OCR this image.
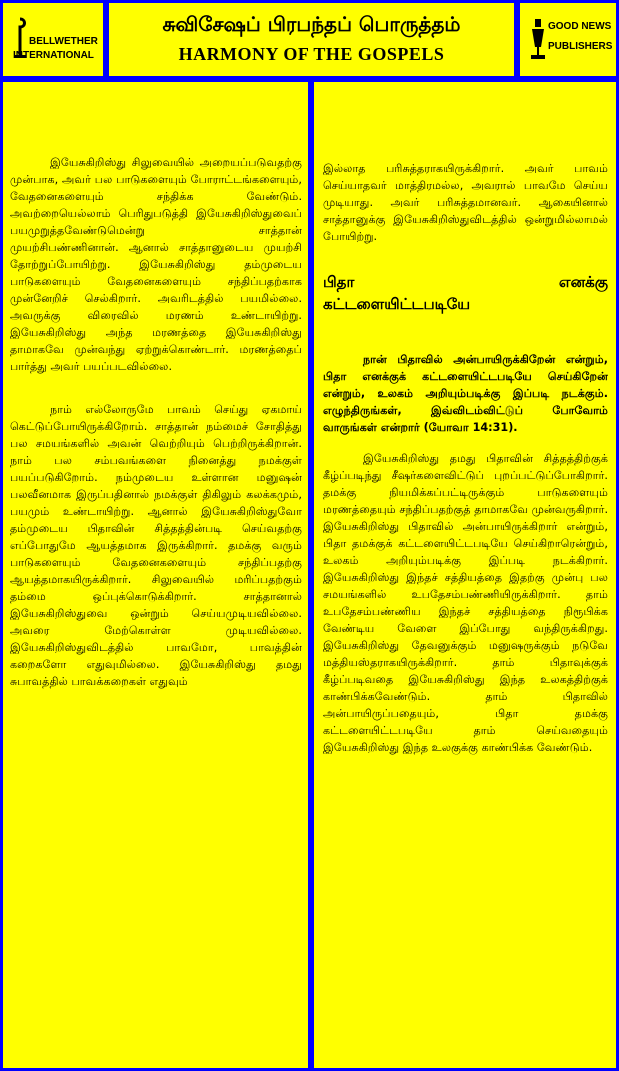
BELLWETHER
INTERNATIONAL
சுவிசேஷப் பிரபந்தப் பொருத்தம்
HARMONY OF THE GOSPELS
GOOD NEWS
PUBLISHERS

இயேசுகிறிஸ்து சிலுவையில் அறையப்படுவதற்கு முன்பாக, அவர் பல பாடுகளையும் போராட்டங்களையும், வேதனைகளையும் சந்திக்க வேண்டும். அவற்றையெல்லாம் பெரிதுபடுத்தி இயேசுகிறிஸ்துவைப் பயமுறுத்தவேண்டுமென்று சாத்தான் முயற்சிபண்ணினான். ஆனால் சாத்தானுடைய முயற்சி தோற்றுப்போயிற்று. இயேசுகிறிஸ்து தம்முடைய பாடுகளையும் வேதனைகளையும் சந்திப்பதற்காக முன்னேறிச் செல்கிறார். அவரிடத்தில் பயமில்லை. அவருக்கு விரைவில் மரணம் உண்டாயிற்று. இயேசுகிறிஸ்து அந்த மரணத்தை இயேசுகிறிஸ்து தாமாகவே முன்வந்து ஏற்றுக்கொண்டார். மரணத்தைப் பார்த்து அவர் பயப்படவில்லை.

நாம் எல்லோருமே பாவம் செய்து ஏகமாய் கெட்டுப்போயிருக்கிறோம். சாத்தான் நம்மைச் சோதித்து பல சமயங்களில் அவன் வெற்றியும் பெற்றிருக்கிறான். நாம் பல சம்பவங்களை நினைத்து நமக்குள் பயப்படுகிறோம். நம்முடைய உள்ளான மனுஷன் பலவீனமாக இருப்பதினால் நமக்குள் திகிலும் கலக்கமும், பயமும் உண்டாயிற்று. ஆனால் இயேசுகிறிஸ்துவோ தம்முடைய பிதாவின் சித்தத்தின்படி செய்வதற்கு எப்போதுமே ஆயத்தமாக இருக்கிறார். தமக்கு வரும் பாடுகளையும் வேதனைகளையும் சந்திப்பதற்கு ஆயத்தமாகயிருக்கிறார். சிலுவையில் மரிப்பதற்கும் தம்மை ஒப்புக்கொடுக்கிறார். சாத்தானால் இயேசுகிறிஸ்துவை ஒன்றும் செய்யமுடியவில்லை. அவரை மேற்கொள்ள முடியவில்லை. இயேசுகிறிஸ்துவிடத்தில் பாவமோ, பாவத்தின் கறைகளோ எதுவுமில்லை. இயேசுகிறிஸ்து தமது சுபாவத்தில் பாவக்கறைகள் எதுவும்

இல்லாத பரிசுத்தராகயிருக்கிறார். அவர் பாவம் செய்யாதவர் மாத்திரமல்ல, அவரால் பாவமே செய்ய முடியாது. அவர் பரிசுத்தமானவர். ஆகையினால் சாத்தானுக்கு இயேசுகிறிஸ்துவிடத்தில் ஒன்றுமில்லாமல் போயிற்று.

பிதா எனக்கு
கட்டளையிட்டபடியே

நான் பிதாவில் அன்பாயிருக்கிறேன் என்றும், பிதா எனக்குக் கட்டளையிட்டபடியே செய்கிறேன் என்றும், உலகம் அறியும்படிக்கு இப்படி நடக்கும். எழுந்திருங்கள், இவ்விடம்விட்டுப் போவோம் வாருங்கள் என்றார் (யோவா 14:31).

இயேசுகிறிஸ்து தமது பிதாவின் சித்தத்திற்குக் கீழ்ப்படிந்து சீஷர்களைவிட்டுப் புறப்பட்டுப்போகிறார். தமக்கு நியமிக்கப்பட்டிருக்கும் பாடுகளையும் மரணத்தையும் சந்திப்பதற்குத் தாமாகவே முன்வருகிறார். இயேசுகிறிஸ்து பிதாவில் அன்பாயிருக்கிறார் என்றும், பிதா தமக்குக் கட்டளையிட்டபடியே செய்கிறாரென்றும், உலகம் அறியும்படிக்கு இப்படி நடக்கிறார். இயேசுகிறிஸ்து இந்தச் சத்தியத்தை இதற்கு முன்பு பல சமயங்களில் உபதேசம்பண்ணியிருக்கிறார். தாம் உபதேசம்பண்ணிய இந்தச் சத்தியத்தை நிரூபிக்க வேண்டிய வேளை இப்போது வந்திருக்கிறது. இயேசுகிறிஸ்து தேவனுக்கும் மனுஷருக்கும் நடுவே மத்தியஸ்தராகயிருக்கிறார். தாம் பிதாவுக்குக் கீழ்ப்படிவதை இயேசுகிறிஸ்து இந்த உலகத்திற்குக் காண்பிக்கவேண்டும். தாம் பிதாவில் அன்பாயிருப்பதையும், பிதா தமக்கு கட்டளையிட்டபடியே தாம் செய்வதையும் இயேசுகிறிஸ்து இந்த உலகுக்கு காண்பிக்க வேண்டும்.
